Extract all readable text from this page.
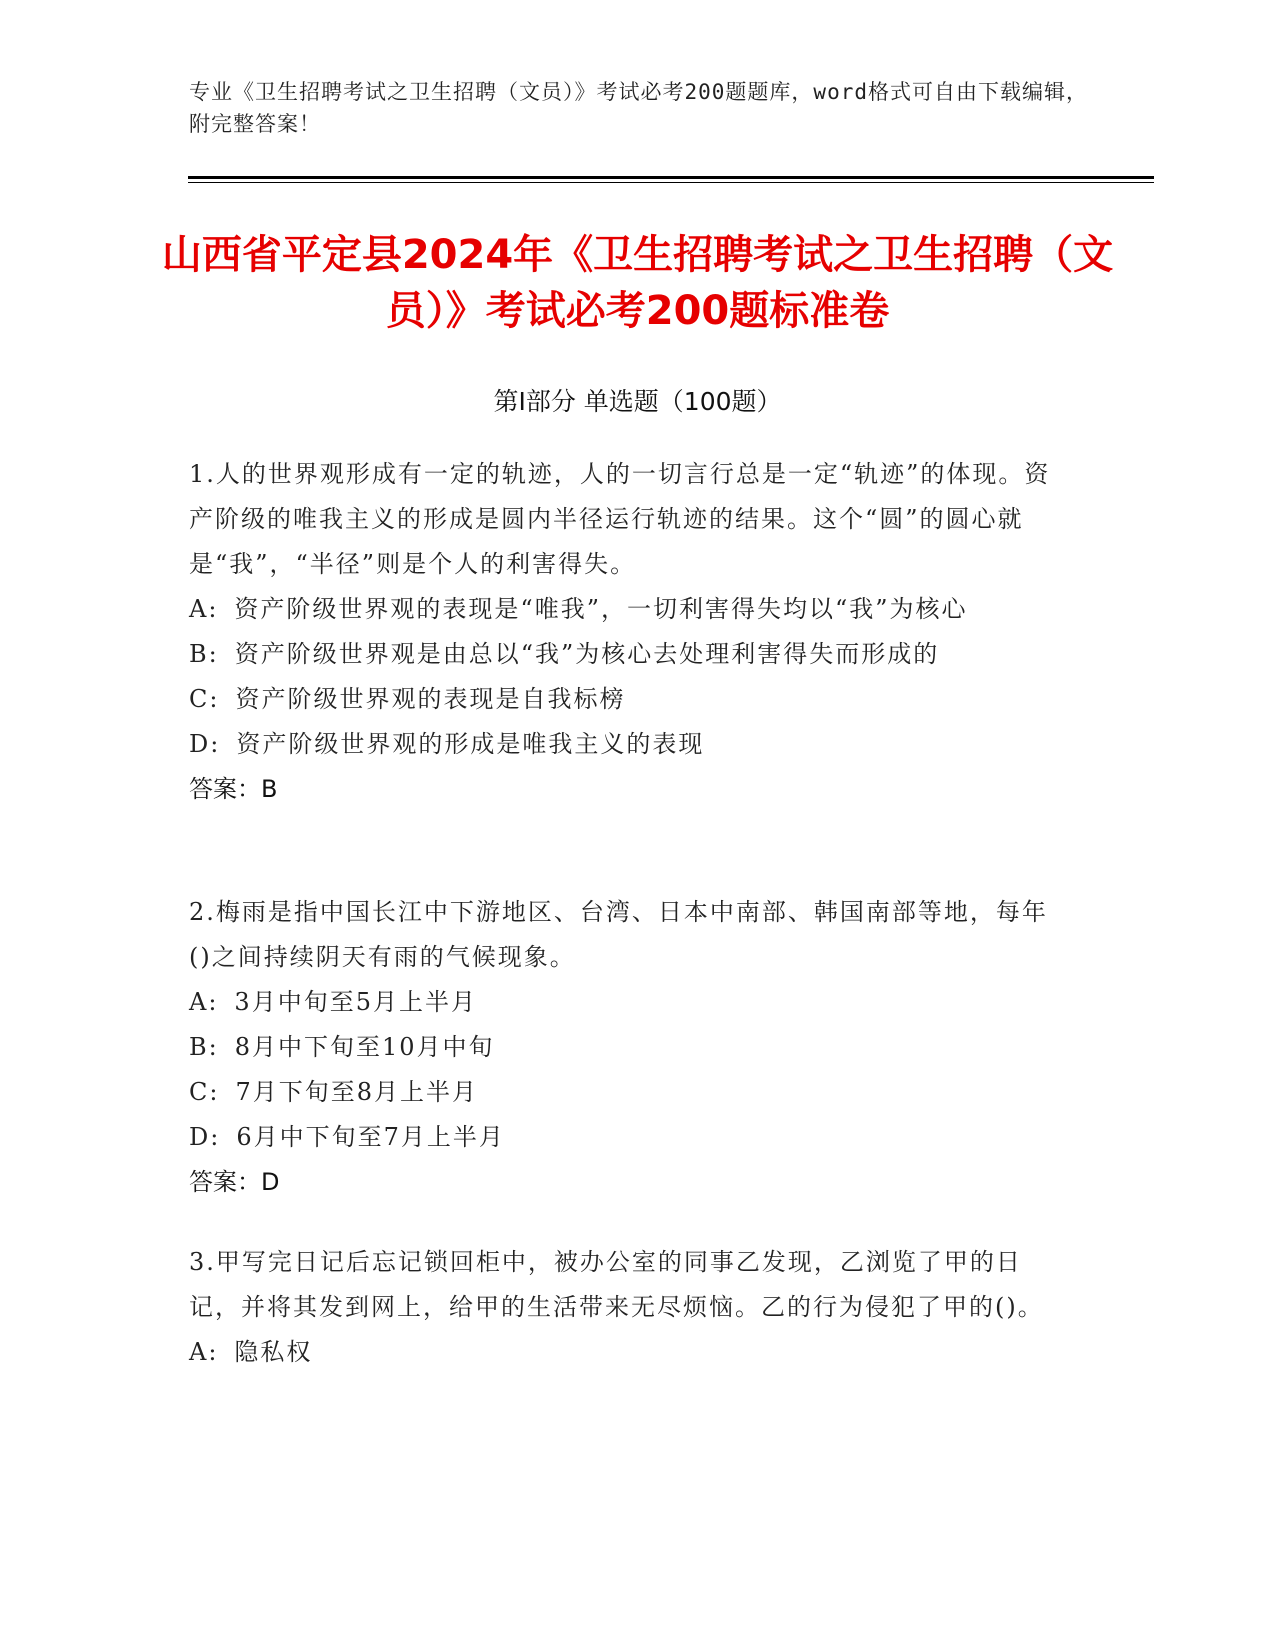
专业《卫生招聘考试之卫生招聘（文员）》考试必考200题题库，word格式可自由下载编辑，附完整答案！
山西省平定县2024年《卫生招聘考试之卫生招聘（文员）》考试必考200题标准卷
第Ⅰ部分 单选题（100题）
1.人的世界观形成有一定的轨迹，人的一切言行总是一定“轨迹”的体现。资产阶级的唯我主义的形成是圆内半径运行轨迹的结果。这个“圆”的圆心就是“我”，“半径”则是个人的利害得失。
A: 资产阶级世界观的表现是“唯我”，一切利害得失均以“我”为核心
B: 资产阶级世界观是由总以“我”为核心去处理利害得失而形成的
C: 资产阶级世界观的表现是自我标榜
D: 资产阶级世界观的形成是唯我主义的表现
答案：B
2.梅雨是指中国长江中下游地区、台湾、日本中南部、韩国南部等地，每年()之间持续阴天有雨的气候现象。
A: 3月中旬至5月上半月
B: 8月中下旬至10月中旬
C: 7月下旬至8月上半月
D: 6月中下旬至7月上半月
答案：D
3.甲写完日记后忘记锁回柜中，被办公室的同事乙发现，乙浏览了甲的日记，并将其发到网上，给甲的生活带来无尽烦恼。乙的行为侵犯了甲的()。
A: 隐私权
